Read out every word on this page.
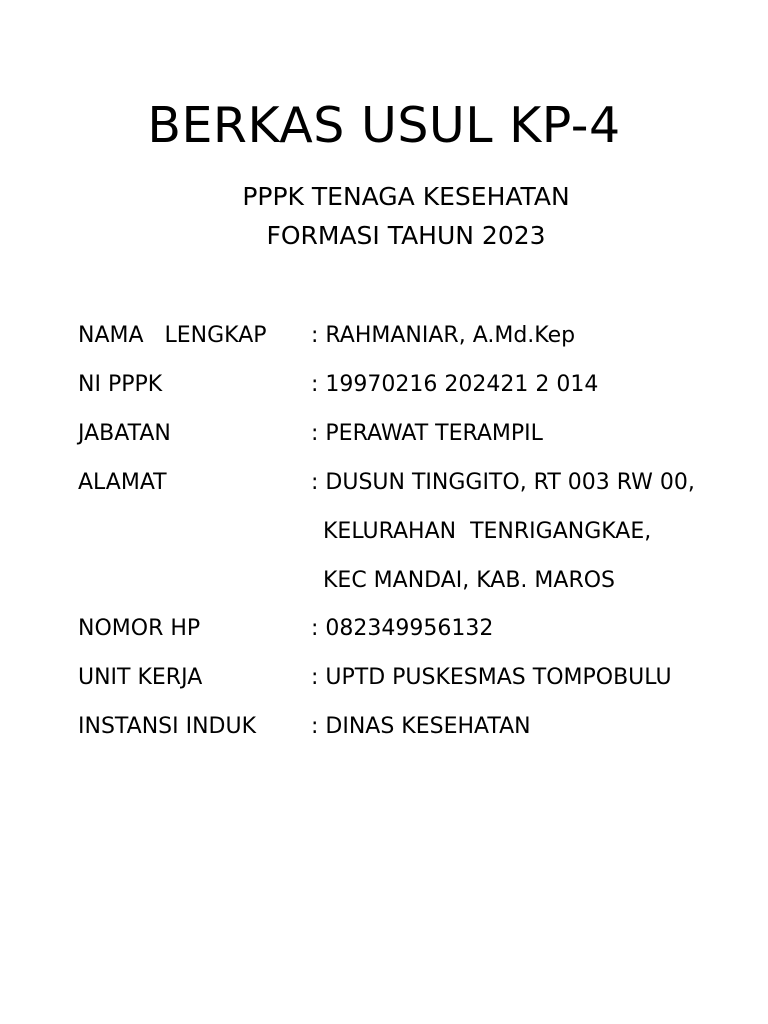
BERKAS USUL KP-4
PPPK TENAGA KESEHATAN
FORMASI TAHUN 2023
NAMA   LENGKAP : RAHMANIAR, A.Md.Kep
NI PPPK	: 19970216 202421 2 014
JABATAN	: PERAWAT TERAMPIL
ALAMAT	: DUSUN TINGGITO, RT 003 RW 00,
KELURAHAN  TENRIGANGKAE,
KEC MANDAI, KAB. MAROS
NOMOR HP	: 082349956132
UNIT KERJA	: UPTD PUSKESMAS TOMPOBULU
INSTANSI INDUK : DINAS KESEHATAN
